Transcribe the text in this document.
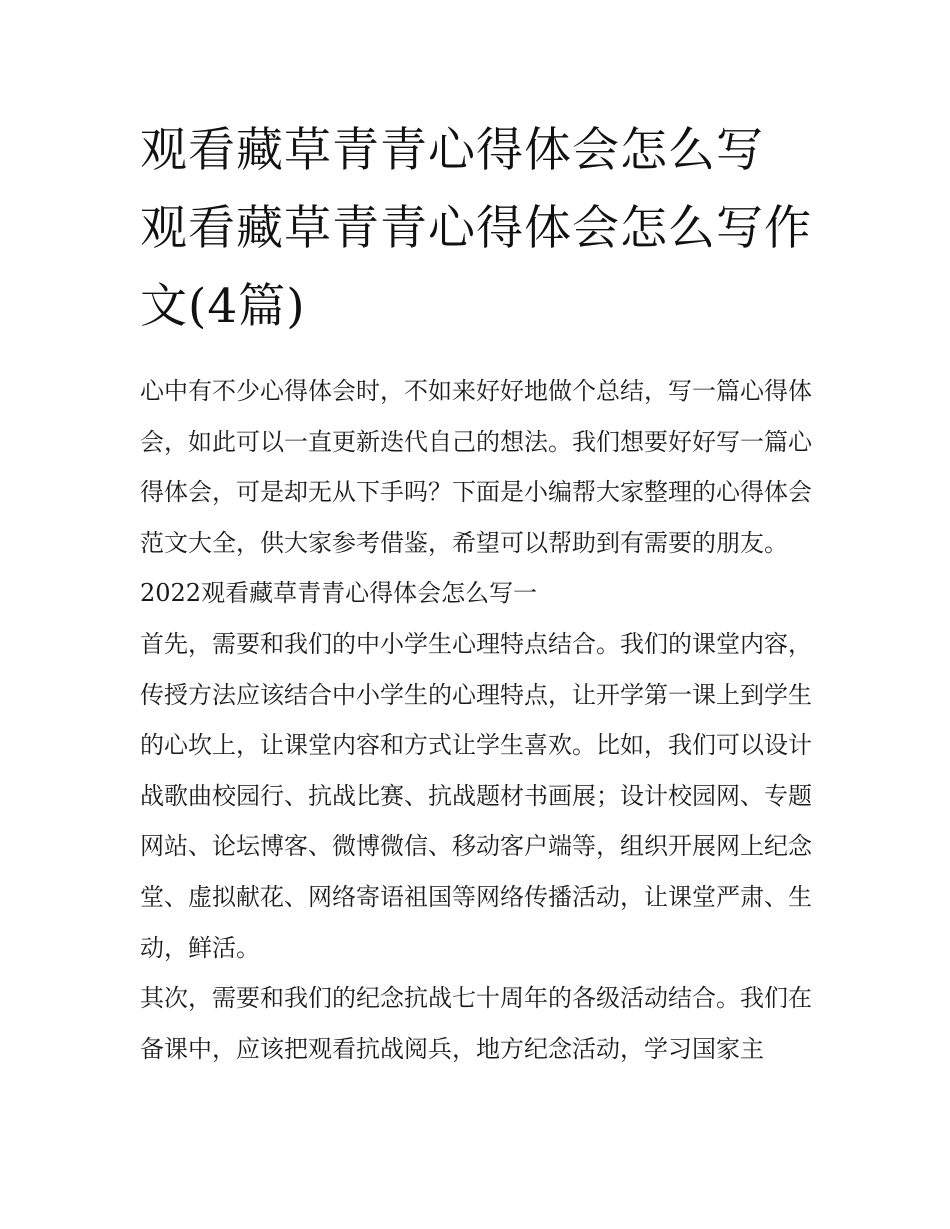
观看藏草青青心得体会怎么写 观看藏草青青心得体会怎么写作文(4篇)

心中有不少心得体会时，不如来好好地做个总结，写一篇心得体会，如此可以一直更新迭代自己的想法。我们想要好好写一篇心得体会，可是却无从下手吗？下面是小编帮大家整理的心得体会范文大全，供大家参考借鉴，希望可以帮助到有需要的朋友。

2022观看藏草青青心得体会怎么写一

首先，需要和我们的中小学生心理特点结合。我们的课堂内容，传授方法应该结合中小学生的心理特点，让开学第一课上到学生的心坎上，让课堂内容和方式让学生喜欢。比如，我们可以设计战歌曲校园行、抗战比赛、抗战题材书画展；设计校园网、专题网站、论坛博客、微博微信、移动客户端等，组织开展网上纪念堂、虚拟献花、网络寄语祖国等网络传播活动，让课堂严肃、生动，鲜活。

其次，需要和我们的纪念抗战七十周年的各级活动结合。我们在备课中，应该把观看抗战阅兵，地方纪念活动，学习国家主
